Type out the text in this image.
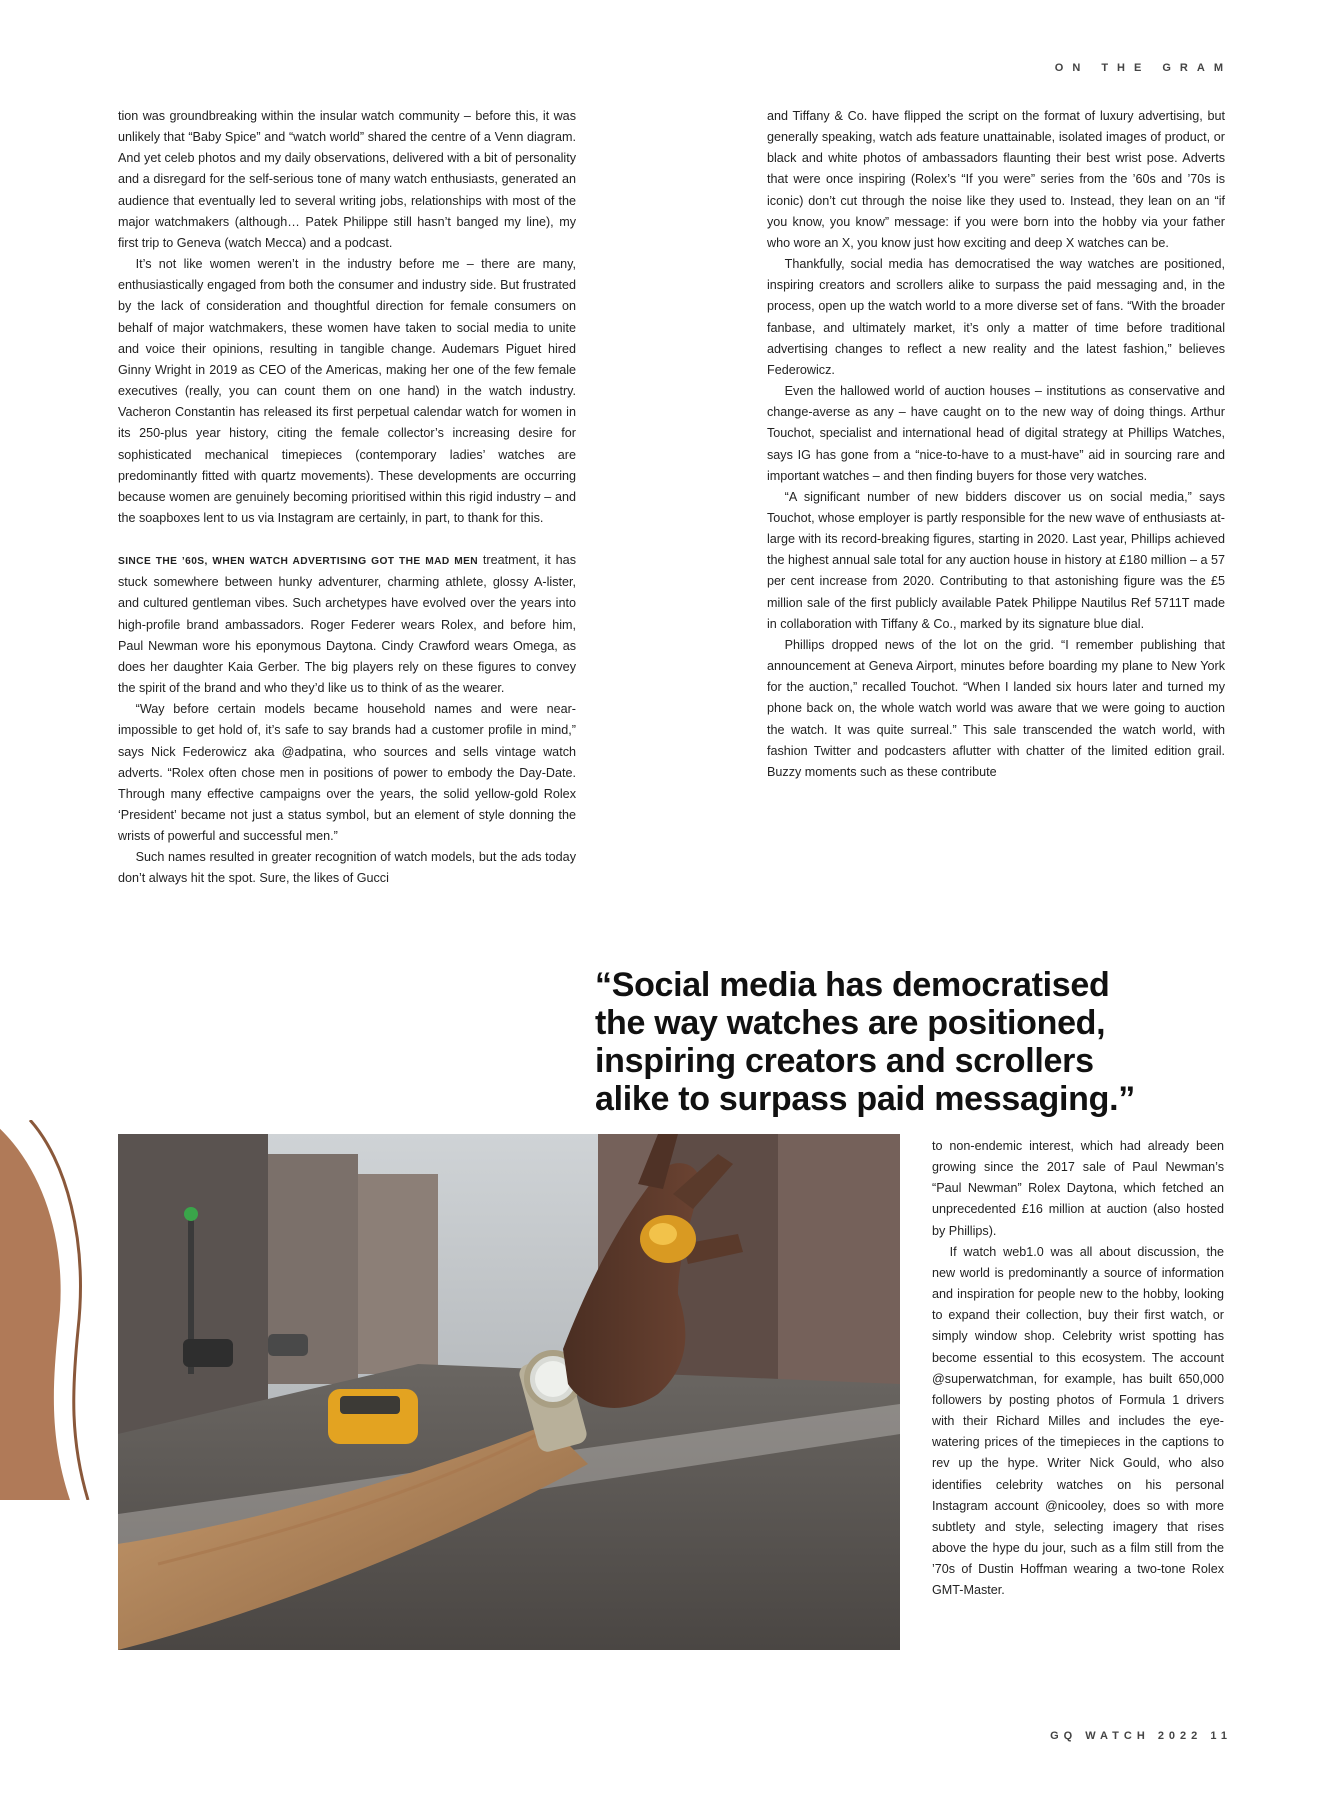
ON THE GRAM

tion was groundbreaking within the insular watch community – before this, it was unlikely that “Baby Spice” and “watch world” shared the centre of a Venn diagram. And yet celeb photos and my daily observations, delivered with a bit of personality and a disregard for the self-serious tone of many watch enthusiasts, generated an audience that eventually led to several writing jobs, relationships with most of the major watchmakers (although… Patek Philippe still hasn’t banged my line), my first trip to Geneva (watch Mecca) and a podcast.

It’s not like women weren’t in the industry before me – there are many, enthusiastically engaged from both the consumer and industry side. But frustrated by the lack of consideration and thoughtful direction for female consumers on behalf of major watchmakers, these women have taken to social media to unite and voice their opinions, resulting in tangible change. Audemars Piguet hired Ginny Wright in 2019 as CEO of the Americas, making her one of the few female executives (really, you can count them on one hand) in the watch industry. Vacheron Constantin has released its first perpetual calendar watch for women in its 250-plus year history, citing the female collector’s increasing desire for sophisticated mechanical timepieces (contemporary ladies’ watches are predominantly fitted with quartz movements). These developments are occurring because women are genuinely becoming prioritised within this rigid industry – and the soapboxes lent to us via Instagram are certainly, in part, to thank for this.

SINCE THE ’60S, WHEN WATCH ADVERTISING GOT THE MAD MEN treatment, it has stuck somewhere between hunky adventurer, charming athlete, glossy A-lister, and cultured gentleman vibes. Such archetypes have evolved over the years into high-profile brand ambassadors. Roger Federer wears Rolex, and before him, Paul Newman wore his eponymous Daytona. Cindy Crawford wears Omega, as does her daughter Kaia Gerber. The big players rely on these figures to convey the spirit of the brand and who they’d like us to think of as the wearer.

“Way before certain models became household names and were near-impossible to get hold of, it’s safe to say brands had a customer profile in mind,” says Nick Federowicz aka @adpatina, who sources and sells vintage watch adverts. “Rolex often chose men in positions of power to embody the Day-Date. Through many effective campaigns over the years, the solid yellow-gold Rolex ‘President’ became not just a status symbol, but an element of style donning the wrists of powerful and successful men.”

Such names resulted in greater recognition of watch models, but the ads today don’t always hit the spot. Sure, the likes of Gucci

and Tiffany & Co. have flipped the script on the format of luxury advertising, but generally speaking, watch ads feature unattainable, isolated images of product, or black and white photos of ambassadors flaunting their best wrist pose. Adverts that were once inspiring (Rolex’s “If you were” series from the ’60s and ’70s is iconic) don’t cut through the noise like they used to. Instead, they lean on an “if you know, you know” message: if you were born into the hobby via your father who wore an X, you know just how exciting and deep X watches can be.

Thankfully, social media has democratised the way watches are positioned, inspiring creators and scrollers alike to surpass the paid messaging and, in the process, open up the watch world to a more diverse set of fans. “With the broader fanbase, and ultimately market, it’s only a matter of time before traditional advertising changes to reflect a new reality and the latest fashion,” believes Federowicz.

Even the hallowed world of auction houses – institutions as conservative and change-averse as any – have caught on to the new way of doing things. Arthur Touchot, specialist and international head of digital strategy at Phillips Watches, says IG has gone from a “nice-to-have to a must-have” aid in sourcing rare and important watches – and then finding buyers for those very watches.

“A significant number of new bidders discover us on social media,” says Touchot, whose employer is partly responsible for the new wave of enthusiasts at-large with its record-breaking figures, starting in 2020. Last year, Phillips achieved the highest annual sale total for any auction house in history at £180 million – a 57 per cent increase from 2020. Contributing to that astonishing figure was the £5 million sale of the first publicly available Patek Philippe Nautilus Ref 5711T made in collaboration with Tiffany & Co., marked by its signature blue dial.

Phillips dropped news of the lot on the grid. “I remember publishing that announcement at Geneva Airport, minutes before boarding my plane to New York for the auction,” recalled Touchot. “When I landed six hours later and turned my phone back on, the whole watch world was aware that we were going to auction the watch. It was quite surreal.” This sale transcended the watch world, with fashion Twitter and podcasters aflutter with chatter of the limited edition grail. Buzzy moments such as these contribute

“Social media has democratised
the way watches are positioned,
inspiring creators and scrollers
alike to surpass paid messaging.”

to non-endemic interest, which had already been growing since the 2017 sale of Paul Newman’s “Paul Newman” Rolex Daytona, which fetched an unprecedented £16 million at auction (also hosted by Phillips).

If watch web1.0 was all about discussion, the new world is predominantly a source of information and inspiration for people new to the hobby, looking to expand their collection, buy their first watch, or simply window shop. Celebrity wrist spotting has become essential to this ecosystem. The account @superwatchman, for example, has built 650,000 followers by posting photos of Formula 1 drivers with their Richard Milles and includes the eye-watering prices of the timepieces in the captions to rev up the hype. Writer Nick Gould, who also identifies celebrity watches on his personal Instagram account @nicooley, does so with more subtlety and style, selecting imagery that rises above the hype du jour, such as a film still from the ’70s of Dustin Hoffman wearing a two-tone Rolex GMT-Master.

GQ WATCH 2022 11
